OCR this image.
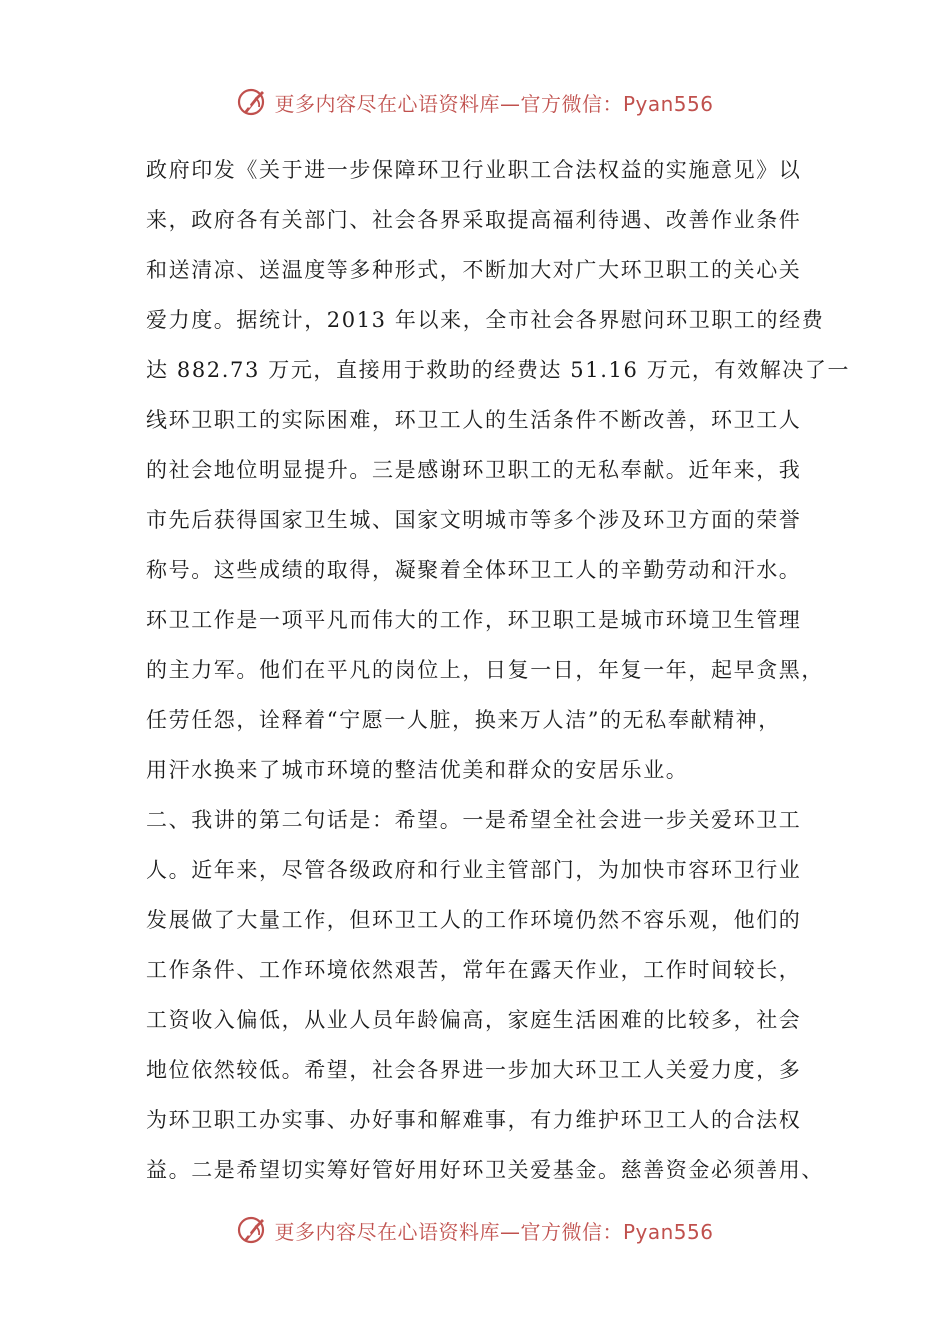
更多内容尽在心语资料库—官方微信：Pyan556
政府印发《关于进一步保障环卫行业职工合法权益的实施意见》以
来，政府各有关部门、社会各界采取提高福利待遇、改善作业条件
和送清凉、送温度等多种形式，不断加大对广大环卫职工的关心关
爱力度。据统计，2013 年以来，全市社会各界慰问环卫职工的经费
达 882.73 万元，直接用于救助的经费达 51.16 万元，有效解决了一
线环卫职工的实际困难，环卫工人的生活条件不断改善，环卫工人
的社会地位明显提升。三是感谢环卫职工的无私奉献。近年来，我
市先后获得国家卫生城、国家文明城市等多个涉及环卫方面的荣誉
称号。这些成绩的取得，凝聚着全体环卫工人的辛勤劳动和汗水。
环卫工作是一项平凡而伟大的工作，环卫职工是城市环境卫生管理
的主力军。他们在平凡的岗位上，日复一日，年复一年，起早贪黑，
任劳任怨，诠释着“宁愿一人脏，换来万人洁”的无私奉献精神，
用汗水换来了城市环境的整洁优美和群众的安居乐业。
二、我讲的第二句话是：希望。一是希望全社会进一步关爱环卫工
人。近年来，尽管各级政府和行业主管部门，为加快市容环卫行业
发展做了大量工作，但环卫工人的工作环境仍然不容乐观，他们的
工作条件、工作环境依然艰苦，常年在露天作业，工作时间较长，
工资收入偏低，从业人员年龄偏高，家庭生活困难的比较多，社会
地位依然较低。希望，社会各界进一步加大环卫工人关爱力度，多
为环卫职工办实事、办好事和解难事，有力维护环卫工人的合法权
益。二是希望切实筹好管好用好环卫关爱基金。慈善资金必须善用、
更多内容尽在心语资料库—官方微信：Pyan556
